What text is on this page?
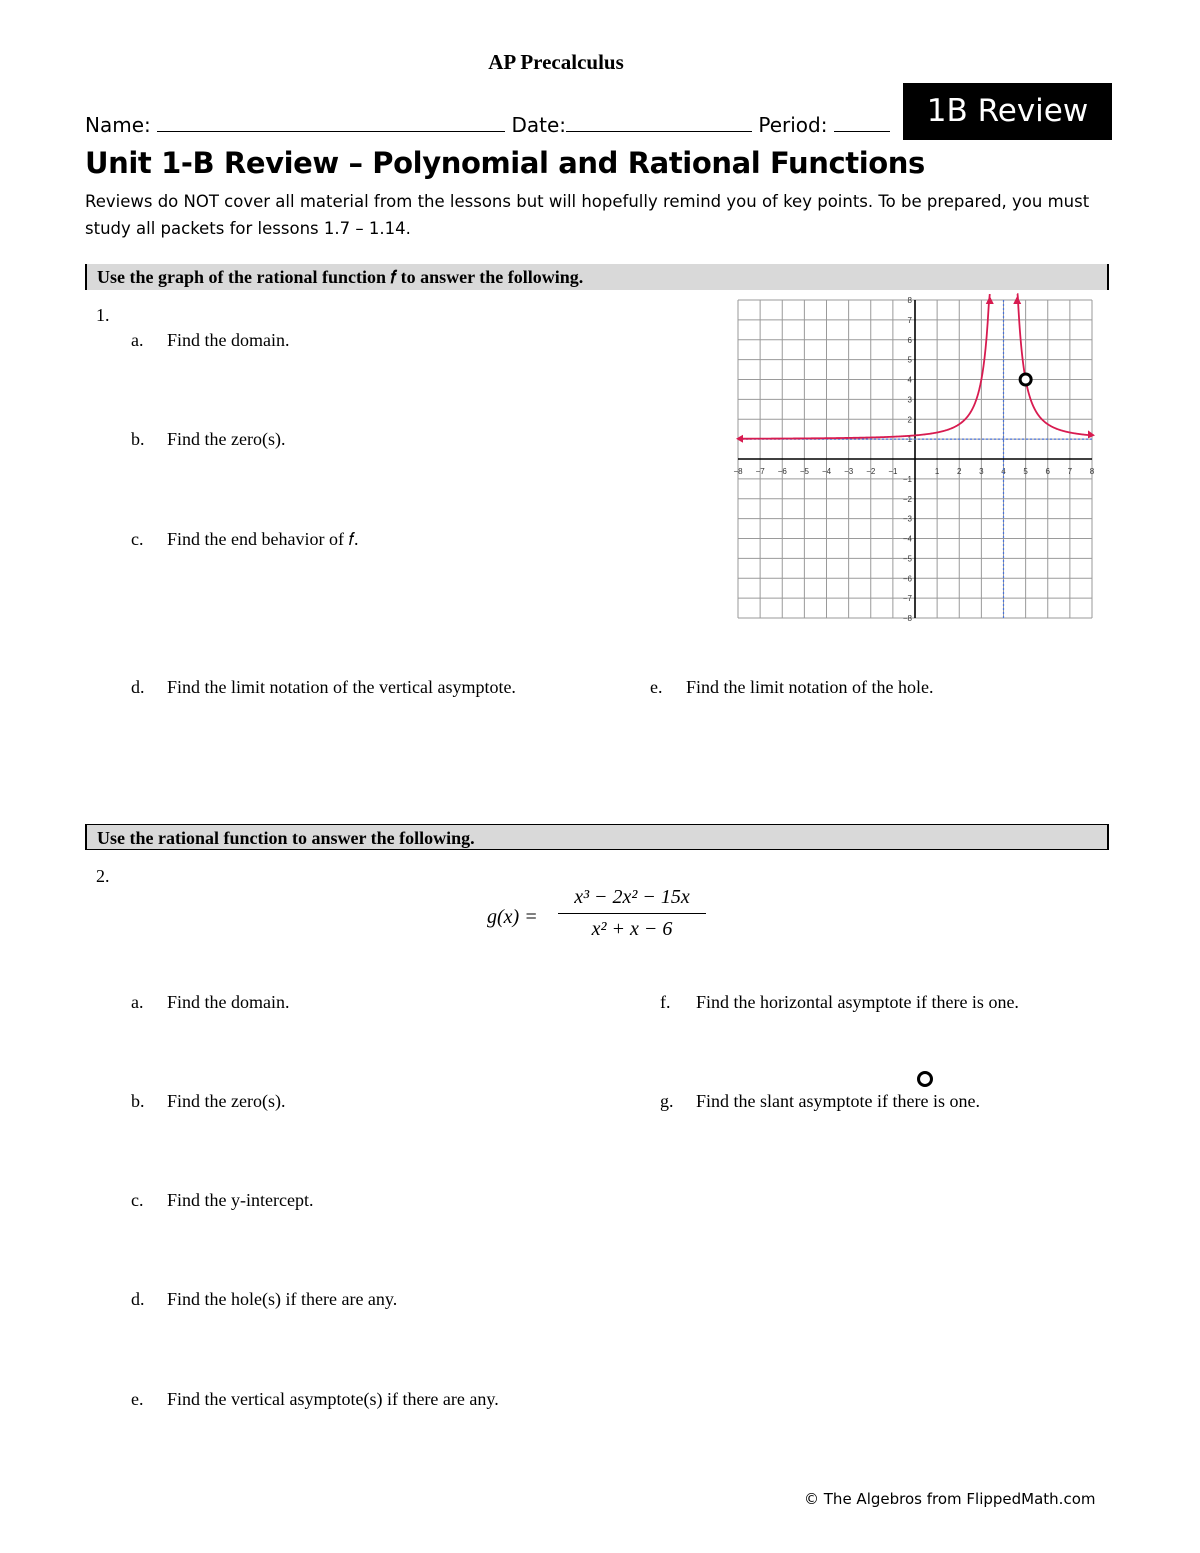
AP Precalculus
Name:	Date:	Period:	1B Review
Unit 1-B Review – Polynomial and Rational Functions
Reviews do NOT cover all material from the lessons but will hopefully remind you of key points. To be prepared, you must study all packets for lessons 1.7 – 1.14.
Use the graph of the rational function 𝑓 to answer the following.
1.
a. Find the domain.
b. Find the zero(s).
c. Find the end behavior of 𝑓.
d. Find the limit notation of the vertical asymptote.	e. Find the limit notation of the hole.
−8 −7 −6 −5 −4 −3 −2 −1	1 2 3 4 5 6 7 8
8
7
6
5
4
3
2
1
−1
−2
−3
−4
−5
−6
−7
−8
Use the rational function to answer the following.
2.
$g(x) = \frac{\text{x³ − 2x² − 15x}}{\text{x² + x − 6}}$
a. Find the domain.
b. Find the zero(s).
c. Find the y-intercept.
d. Find the hole(s) if there are any.
e. Find the vertical asymptote(s) if there are any.
f. Find the horizontal asymptote if there is one.
g. Find the slant asymptote if there is one.
© The Algebros from FlippedMath.com
